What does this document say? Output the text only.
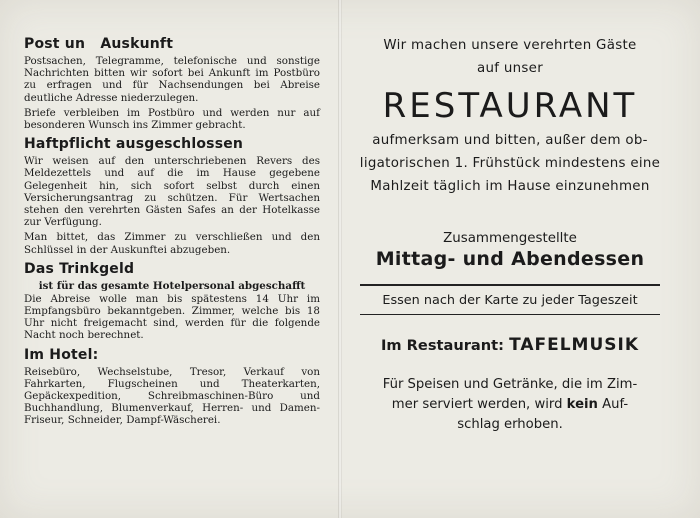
Post un   Auskunft

Postsachen, Telegramme, telefonische und sonstige Nachrichten bitten wir sofort bei Ankunft im Postbüro zu erfragen und für Nachsendungen bei Abreise deutliche Adresse niederzulegen.

Briefe verbleiben im Postbüro und werden nur auf besonderen Wunsch ins Zimmer gebracht.

Haftpflicht ausgeschlossen

Wir weisen auf den unterschriebenen Revers des Meldezettels und auf die im Hause gegebene Gelegenheit hin, sich sofort selbst durch einen Versicherungsantrag zu schützen. Für Wertsachen stehen den verehrten Gästen Safes an der Hotelkasse zur Verfügung.

Man bittet, das Zimmer zu verschließen und den Schlüssel in der Auskunftei abzugeben.

Das Trinkgeld
ist für das gesamte Hotelpersonal abgeschafft

Die Abreise wolle man bis spätestens 14 Uhr im Empfangsbüro bekanntgeben. Zimmer, welche bis 18 Uhr nicht freigemacht sind, werden für die folgende Nacht noch berechnet.

Im Hotel:

Reisebüro, Wechselstube, Tresor, Verkauf von Fahrkarten, Flugscheinen und Theaterkarten, Gepäckexpedition, Schreibmaschinen-Büro und Buchhandlung, Blumenverkauf, Herren- und Damen-Friseur, Schneider, Dampf-Wäscherei.

Wir machen unsere verehrten Gäste

auf unser

RESTAURANT

aufmerksam und bitten, außer dem ob-

ligatorischen 1. Frühstück mindestens eine

Mahlzeit täglich im Hause einzunehmen

Zusammengestellte
Mittag- und Abendessen
Essen nach der Karte zu jeder Tageszeit
Im Restaurant: TAFELMUSIK

Für Speisen und Getränke, die im Zim-

mer serviert werden, wird kein Auf-

schlag erhoben.
